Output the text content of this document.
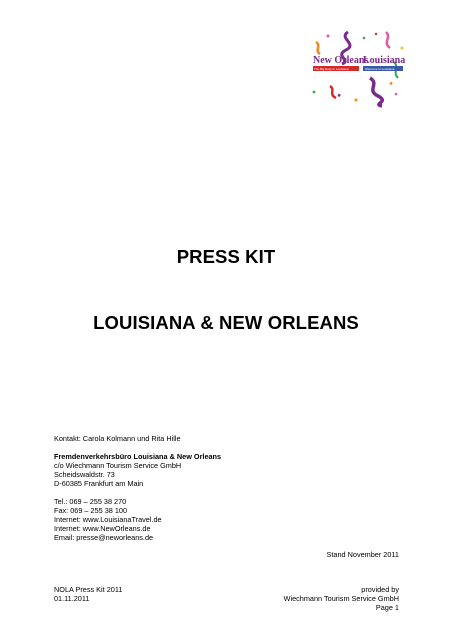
New Orleans
Louisiana
The Big Easy in Louisiana	Welcome to Louisiana
PRESS KIT
LOUISIANA & NEW ORLEANS
Kontakt: Carola Kolmann und Rita Hille
Fremdenverkehrsbüro Louisiana & New Orleans
c/o Wiechmann Tourism Service GmbH
Scheidswaldstr. 73
D-60385 Frankfurt am Main
Tel.: 069 – 255 38 270
Fax: 069 – 255 38 100
Internet: www.LouisianaTravel.de
Internet: www.NewOrleans.de
Email: presse@neworleans.de
Stand November 2011
NOLA Press Kit 2011
01.11.2011
provided by
Wiechmann Tourism Service GmbH
Page 1
